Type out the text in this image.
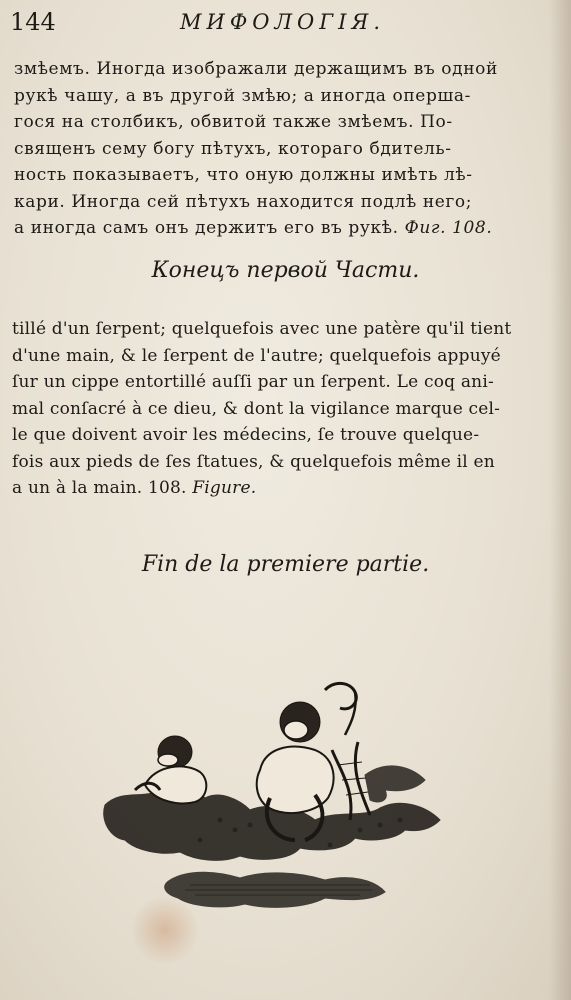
144	МИФОЛОГІЯ.
змѣемъ. Иногда изображали держащимъ въ одной
рукѣ чашу, а въ другой змѣю; а иногда оперша-
гося на столбикъ, обвитой также змѣемъ. По-
священъ сему богу пѣтухъ, котораго бдитель-
ность показываетъ, что оную должны имѣть лѣ-
кари. Иногда сей пѣтухъ находится подлѣ него;
а иногда самъ онъ держитъ его въ рукѣ. Фиг. 108.
Конецъ первой Части.
tillé d'un ſerpent; quelquefois avec une patère qu'il tient
d'une main, & le ſerpent de l'autre; quelquefois appuyé
ſur un cippe entortillé auſſi par un ſerpent. Le coq ani-
mal conſacré à ce dieu, & dont la vigilance marque cel-
le que doivent avoir les médecins, ſe trouve quelque-
fois aux pieds de ſes ſtatues, & quelquefois même il en
a un à la main. 108. Figure.
Fin de la premiere partie.
